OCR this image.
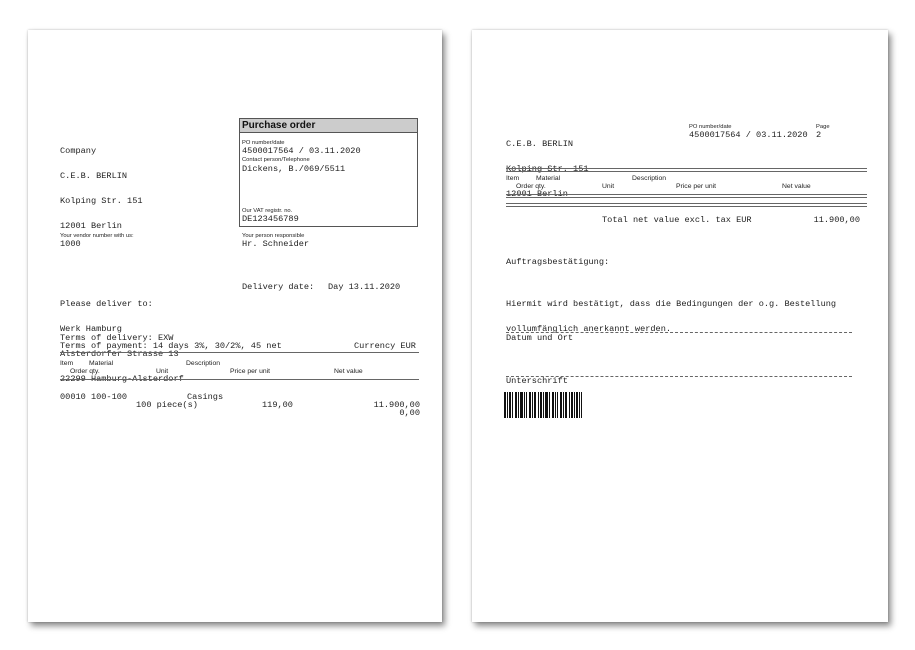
Company

C.E.B. BERLIN

Kolping Str. 151

12001 Berlin

Purchase order
PO number/date
4500017564 / 03.11.2020
Contact person/Telephone
Dickens, B./069/5511
Our VAT registr. no.
DE123456789
Your vendor number with us:
1000
Your person responsible
Hr. Schneider

Please deliver to:

Werk Hamburg

Alsterdorfer Strasse 13

22299 Hamburg-Alsterdorf

Delivery date: Day 13.11.2020
Terms of delivery: EXW
Terms of payment: 14 days 3%, 30/2%, 45 net	Currency EUR
Item Material	Description
Order qty.	Unit	Price per unit	Net value
00010 100-100	Casings
100 piece(s)	119,00	11.900,00
0,00

C.E.B. BERLIN

Kolping Str. 151

12001 Berlin

PO number/date
4500017564 / 03.11.2020
Page
2
Item Material	Description
Order qty.	Unit	Price per unit	Net value
Total net value excl. tax EUR	11.900,00
Auftragsbestätigung:

Hiermit wird bestätigt, dass die Bedingungen der o.g. Bestellung

vollumfänglich anerkannt werden.

Datum und Ort
Unterschrift
